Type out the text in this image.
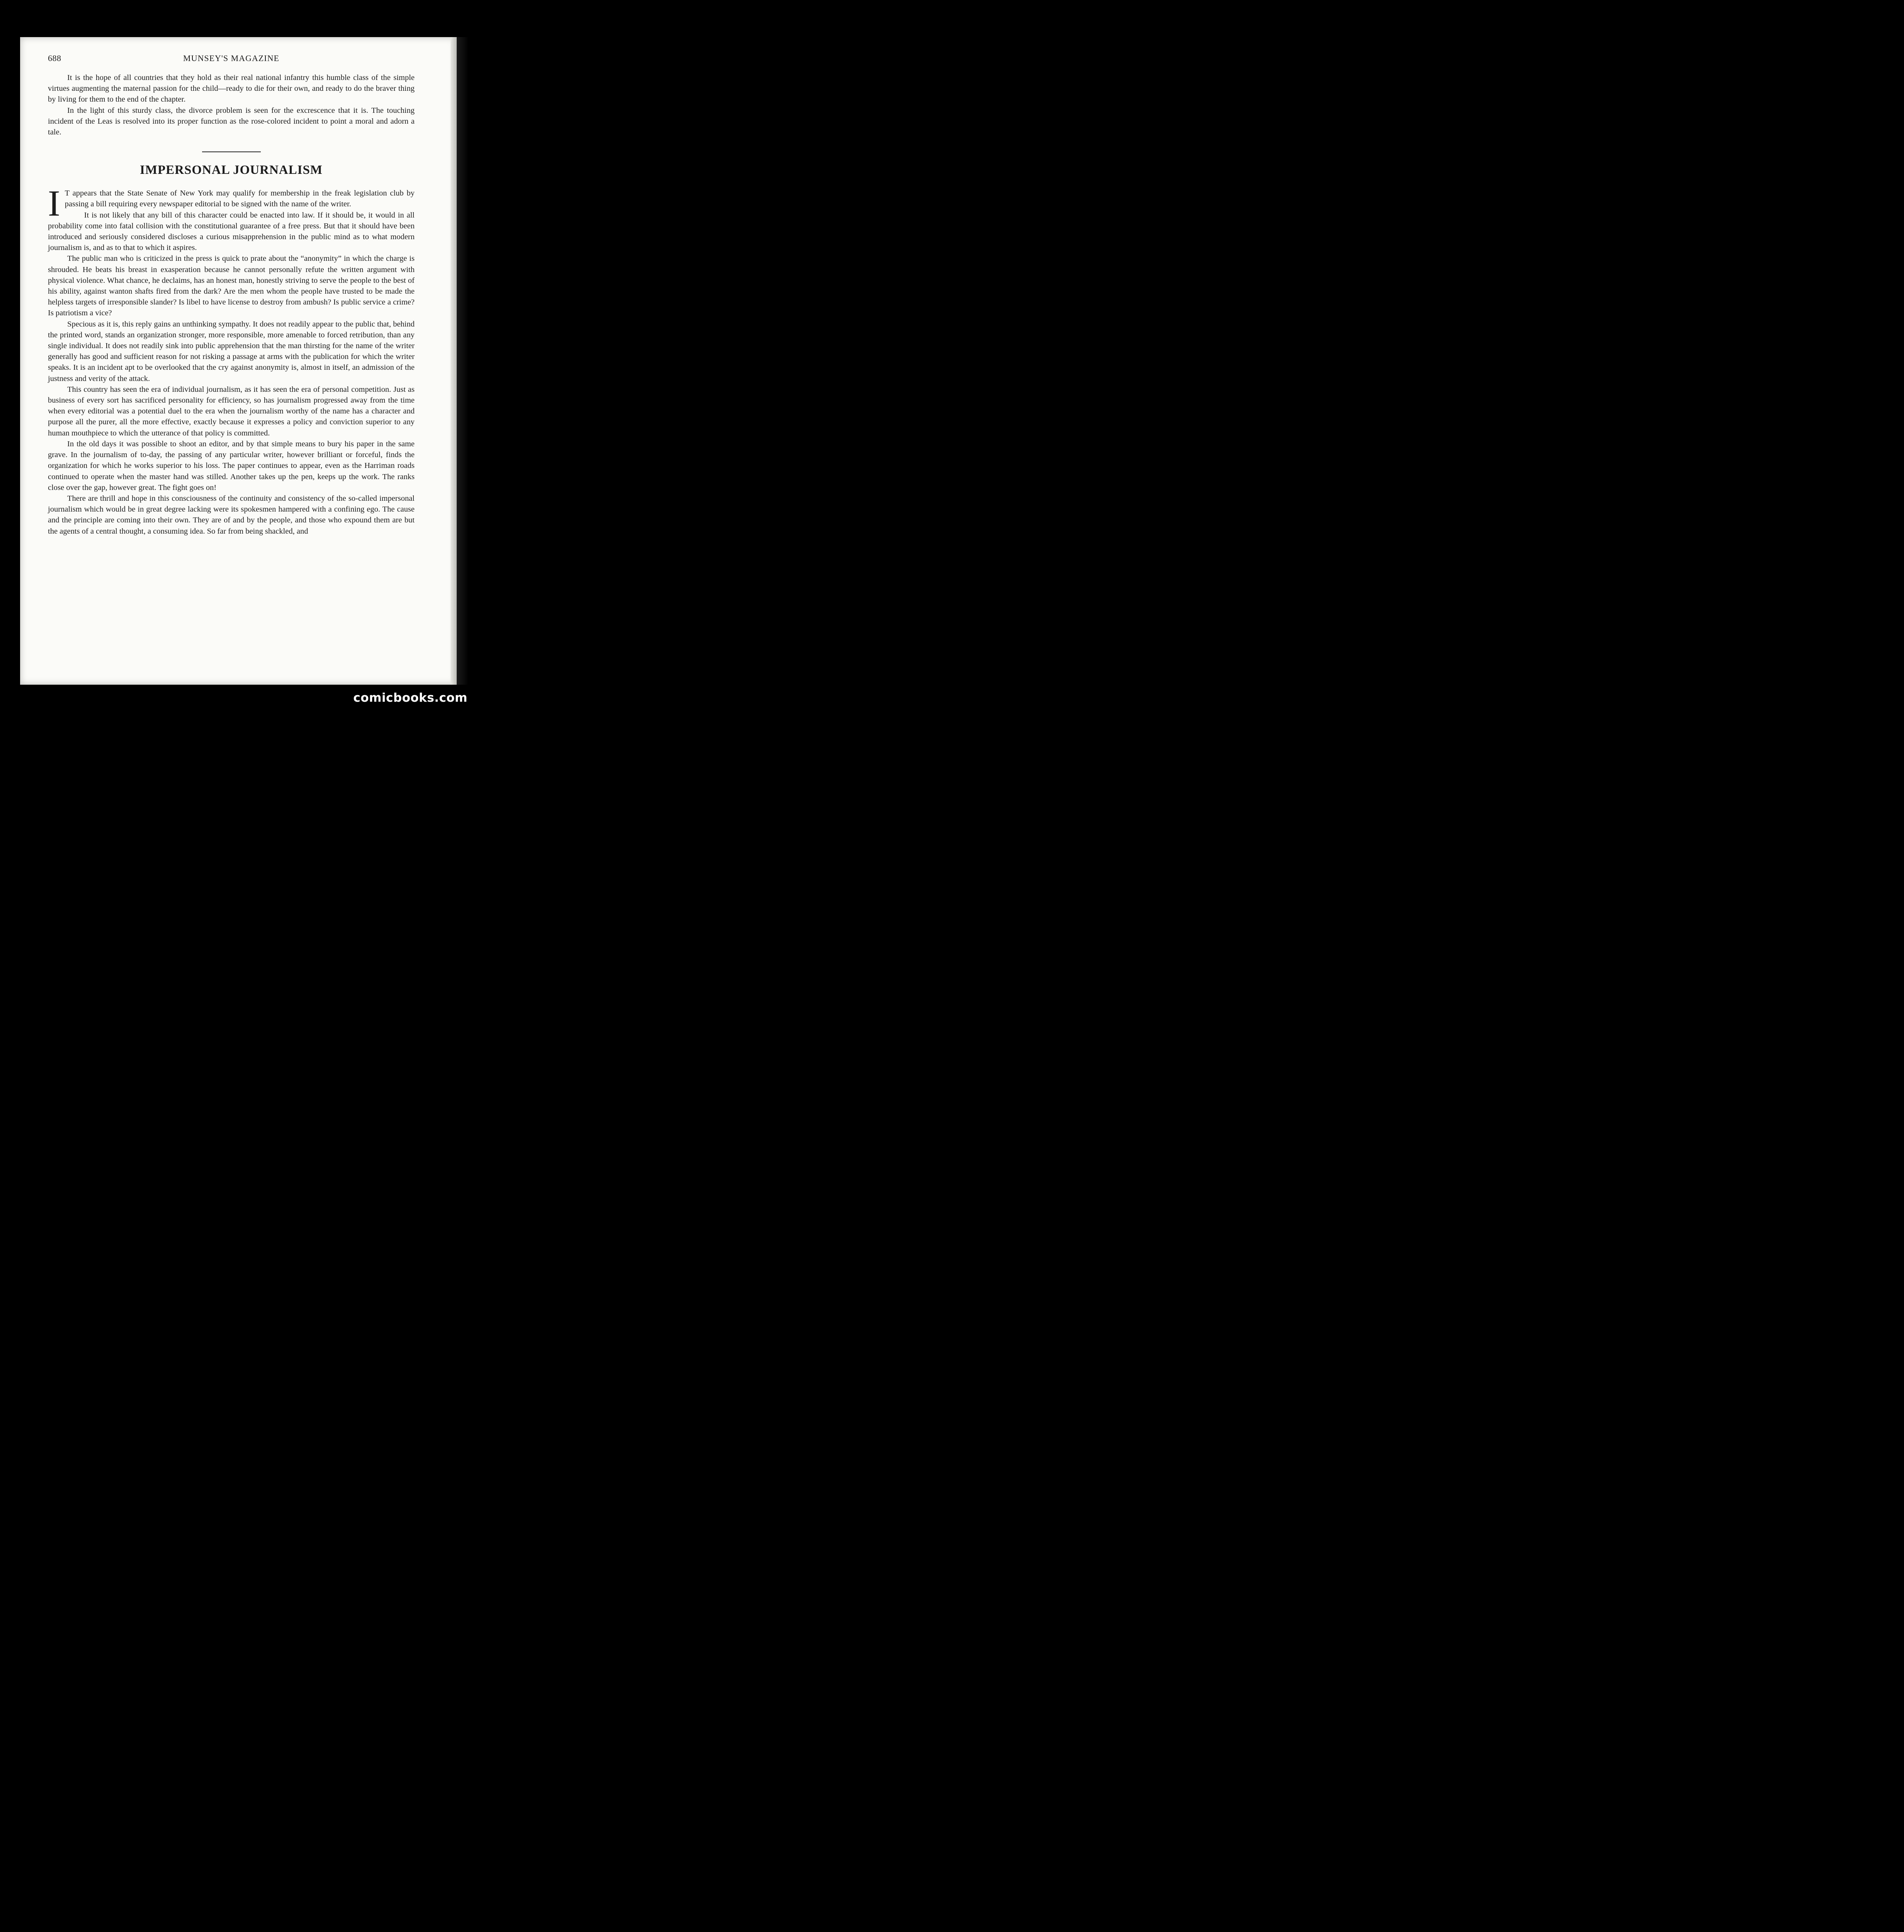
688	MUNSEY'S MAGAZINE

It is the hope of all countries that they hold as their real national infantry this humble class of the simple virtues augmenting the maternal passion for the child—ready to die for their own, and ready to do the braver thing by living for them to the end of the chapter.

In the light of this sturdy class, the divorce problem is seen for the excrescence that it is. The touching incident of the Leas is resolved into its proper function as the rose-colored incident to point a moral and adorn a tale.

IMPERSONAL JOURNALISM

I T appears that the State Senate of New York may qualify for membership in the freak legislation club by passing a bill requiring every newspaper editorial to be signed with the name of the writer.

It is not likely that any bill of this character could be enacted into law. If it should be, it would in all probability come into fatal collision with the constitutional guarantee of a free press. But that it should have been introduced and seriously considered discloses a curious misapprehension in the public mind as to what modern journalism is, and as to that to which it aspires.

The public man who is criticized in the press is quick to prate about the “anonymity” in which the charge is shrouded. He beats his breast in exasperation because he cannot personally refute the written argument with physical violence. What chance, he declaims, has an honest man, honestly striving to serve the people to the best of his ability, against wanton shafts fired from the dark? Are the men whom the people have trusted to be made the helpless targets of irresponsible slander? Is libel to have license to destroy from ambush? Is public service a crime? Is patriotism a vice?

Specious as it is, this reply gains an unthinking sympathy. It does not readily appear to the public that, behind the printed word, stands an organization stronger, more responsible, more amenable to forced retribution, than any single individual. It does not readily sink into public apprehension that the man thirsting for the name of the writer generally has good and sufficient reason for not risking a passage at arms with the publication for which the writer speaks. It is an incident apt to be overlooked that the cry against anonymity is, almost in itself, an admission of the justness and verity of the attack.

This country has seen the era of individual journalism, as it has seen the era of personal competition. Just as business of every sort has sacrificed personality for efficiency, so has journalism progressed away from the time when every editorial was a potential duel to the era when the journalism worthy of the name has a character and purpose all the purer, all the more effective, exactly because it expresses a policy and conviction superior to any human mouthpiece to which the utterance of that policy is committed.

In the old days it was possible to shoot an editor, and by that simple means to bury his paper in the same grave. In the journalism of to-day, the passing of any particular writer, however brilliant or forceful, finds the organization for which he works superior to his loss. The paper continues to appear, even as the Harriman roads continued to operate when the master hand was stilled. Another takes up the pen, keeps up the work. The ranks close over the gap, however great. The fight goes on!

There are thrill and hope in this consciousness of the continuity and consistency of the so-called impersonal journalism which would be in great degree lacking were its spokesmen hampered with a confining ego. The cause and the principle are coming into their own. They are of and by the people, and those who expound them are but the agents of a central thought, a consuming idea. So far from being shackled, and

comicbooks.com
